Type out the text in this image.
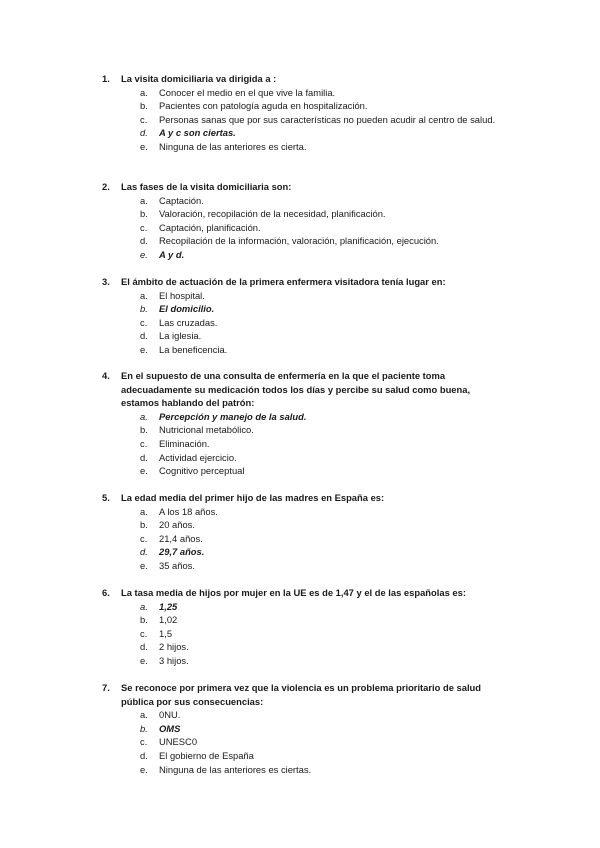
1.	La visita domiciliaria va dirigida a :
a.	Conocer el medio en el que vive la familia.
b.	Pacientes con patología aguda en hospitalización.
c.	Personas sanas que por sus características no pueden acudir al centro de salud.
d.	A y c son ciertas.
e.	Ninguna de las anteriores es cierta.
2.	Las fases de la visita domiciliaria son:
a.	Captación.
b.	Valoración, recopilación de la necesidad, planificación.
c.	Captación, planificación.
d.	Recopilación de la información, valoración, planificación, ejecución.
e.	A y d.
3.	El ámbito de actuación de la primera enfermera visitadora tenía lugar en:
a.	El hospital.
b.	El domicilio.
c.	Las cruzadas.
d.	La iglesia.
e.	La beneficencia.
4.	En el supuesto de una consulta de enfermería en la que el paciente toma adecuadamente su medicación todos los días y percibe su salud como buena, estamos hablando del patrón:
a.	Percepción y manejo de la salud.
b.	Nutricional metabólico.
c.	Eliminación.
d.	Actividad ejercicio.
e.	Cognitivo perceptual
5.	La edad media del primer hijo de las madres en España es:
a.	A los 18 años.
b.	20 años.
c.	21,4 años.
d.	29,7 años.
e.	35 años.
6.	La tasa media de hijos por mujer en la UE es de 1,47 y el de las españolas es:
a.	1,25
b.	1,02
c.	1,5
d.	2 hijos.
e.	3 hijos.
7.	Se reconoce por primera vez que la violencia es un problema prioritario de salud pública por sus consecuencias:
a.	0NU.
b.	OMS
c.	UNESC0
d.	El gobierno de España
e.	Ninguna de las anteriores es ciertas.
